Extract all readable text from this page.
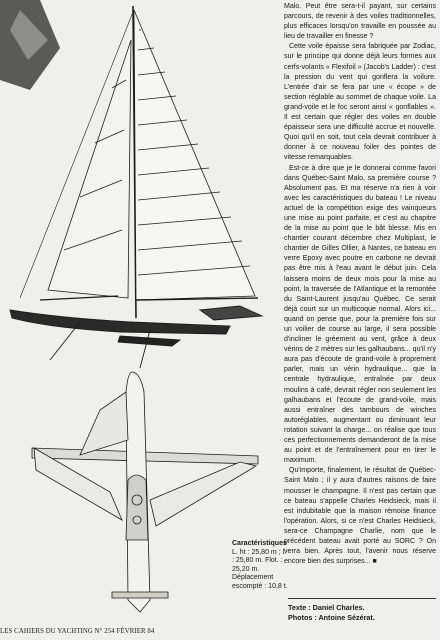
Malo. Peut être sera-t-il payant, sur certains parcours, de revenir à des voiles traditionnelles, plus efficaces lorsqu'on travaille en poussée au lieu de travailler en finesse ?

Cette voile épaisse sera fabriquée par Zodiac, sur le principe qui donne déjà leurs formes aux cerfs-volants « Flexifoil » (Jacob's Ladder) : c'est la pression du vent qui gonflera la voilure. L'entrée d'air se fera par une « écope » de section réglable au sommet de chaque voile. La grand-voile et le foc seront ainsi « gonflables ». Il est certain que régler des voiles en double épaisseur sera une difficulté accrue et nouvelle. Quoi qu'il en soit, tout cela devrait contribuer à donner à ce nouveau foiler des pointes de vitesse remarquables.

Est-ce à dire que je le donnerai comme favori dans Québec-Saint Malo, sa première course ? Absolument pas. Et ma réserve n'a rien à voir avec les caractéristiques du bateau ! Le niveau actuel de la compétition exige des vainqueurs une mise au point parfaite, et c'est au chapitre de la mise au point que le bât blesse. Mis en chantier courant décembre chez Multiplast, le chantier de Gilles Ollier, à Nantes, ce bateau en verre Epoxy avec poutre en carbone ne devrait pas être mis à l'eau avant le début juin. Cela laissera moins de deux mois pour la mise au point, la traversée de l'Atlantique et la remontée du Saint-Laurent jusqu'au Québec. Ce serait déjà court sur un multicoque normal. Alors ici... quand on pense que, pour la première fois sur un voilier de course au large, il sera possible d'incliner le gréement au vent, grâce à deux vérins de 2 mètres sur les galhaubans... qu'il n'y aura pas d'écoute de grand-voile à proprement parler, mais un vérin hydraulique... que la centrale hydraulique, entraînée par deux moulins à café, devrait régler non seulement les galhaubans et l'écoute de grand-voile, mais aussi entraîner des tambours de winches autoréglables, augmentant ou diminuant leur rotation suivant la charge... on réalise que tous ces perfectionnements demanderont de la mise au point et de l'entraînement pour en tirer le maximum.

Qu'importe, finalement, le résultat de Québec-Saint Malo ; il y aura d'autres raisons de faire mousser le champagne. Il n'est pas certain que ce bateau s'appelle Charles Heidsieck, mais il est indubitable que la maison rémoise finance l'opération. Alors, si ce n'est Charles Heidsieck, sera-ce Champagne Charlie, nom que le précédent bateau avait porté au SORC ? On verra bien. Après tout, l'avenir nous réserve encore bien des surprises... ■

Caractéristiques
L. ht : 25,80 m ; l. : 25,80 m. Flot. : 25,20 m.
Déplacement escompté : 10,8 t.
Texte : Daniel Charles.
Photos : Antoine Sézérat.
LES CAHIERS DU YACHTING N° 254 FÉVRIER 84
